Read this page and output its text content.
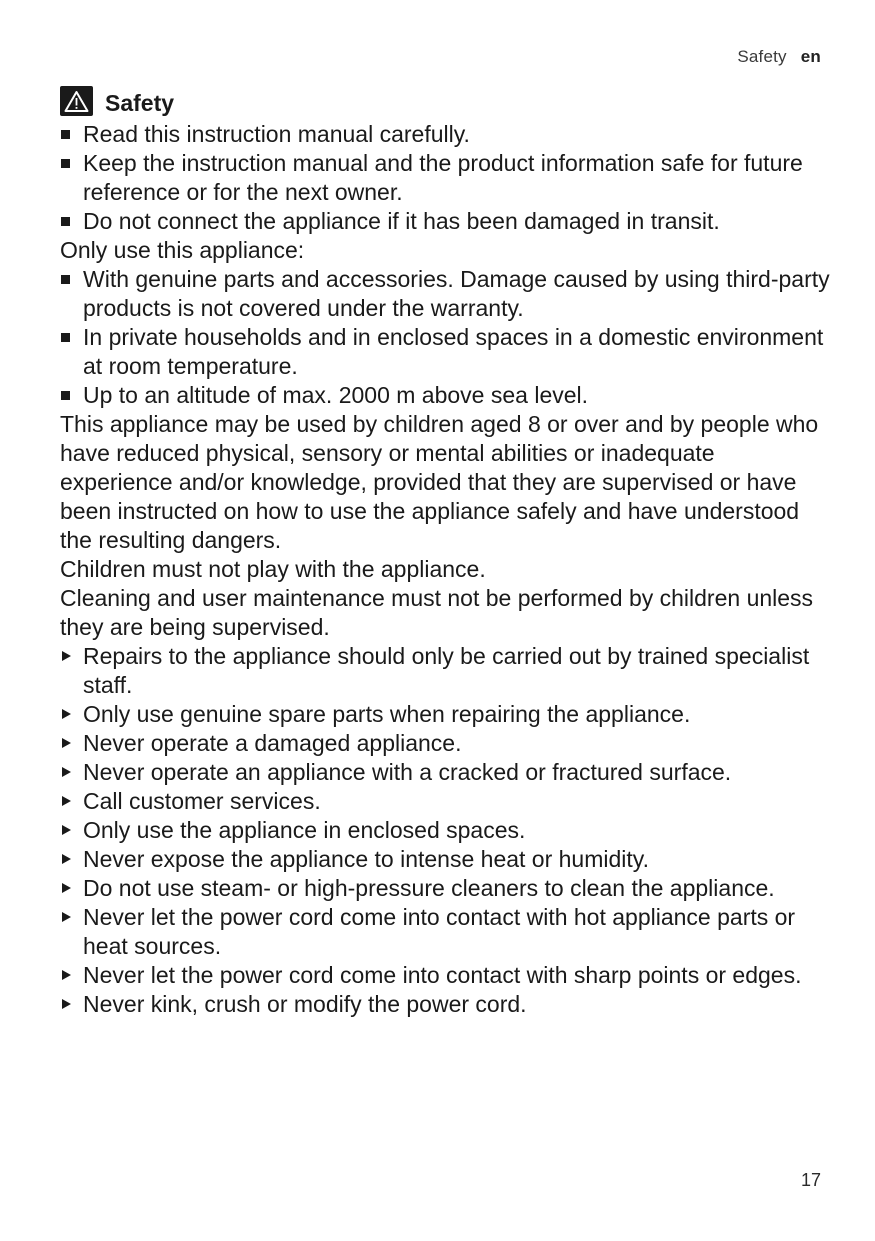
Safety en
Safety

Read this instruction manual carefully.

Keep the instruction manual and the product information safe for future reference or for the next owner.

Do not connect the appliance if it has been damaged in transit.

Only use this appliance:

With genuine parts and accessories. Damage caused by using third-party products is not covered under the warranty.

In private households and in enclosed spaces in a domestic environment at room temperature.

Up to an altitude of max. 2000 m above sea level.

This appliance may be used by children aged 8 or over and by people who have reduced physical, sensory or mental abilities or inadequate experience and/or knowledge, provided that they are supervised or have been instructed on how to use the appliance safely and have understood the resulting dangers.

Children must not play with the appliance.

Cleaning and user maintenance must not be performed by children unless they are being supervised.

Repairs to the appliance should only be carried out by trained specialist staff.

Only use genuine spare parts when repairing the appliance.

Never operate a damaged appliance.

Never operate an appliance with a cracked or fractured surface.

Call customer services.

Only use the appliance in enclosed spaces.

Never expose the appliance to intense heat or humidity.

Do not use steam- or high-pressure cleaners to clean the appliance.

Never let the power cord come into contact with hot appliance parts or heat sources.

Never let the power cord come into contact with sharp points or edges.

Never kink, crush or modify the power cord.

17
